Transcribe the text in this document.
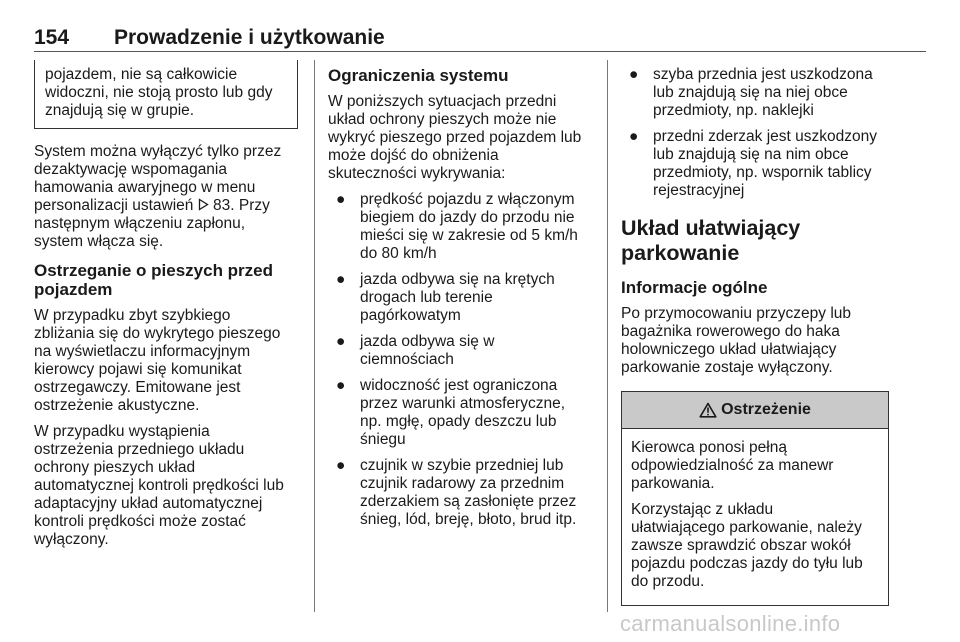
154 Prowadzenie i użytkowanie
pojazdem, nie są całkowicie
widoczni, nie stoją prosto lub gdy
znajdują się w grupie.

System można wyłączyć tylko przez
dezaktywację wspomagania
hamowania awaryjnego w menu
personalizacji ustawień  83. Przy
następnym włączeniu zapłonu,
system włącza się.

Ostrzeganie o pieszych przed
pojazdem

W przypadku zbyt szybkiego
zbliżania się do wykrytego pieszego
na wyświetlaczu informacyjnym
kierowcy pojawi się komunikat
ostrzegawczy. Emitowane jest
ostrzeżenie akustyczne.

W przypadku wystąpienia
ostrzeżenia przedniego układu
ochrony pieszych układ
automatycznej kontroli prędkości lub
adaptacyjny układ automatycznej
kontroli prędkości może zostać
wyłączony.

Ograniczenia systemu

W poniższych sytuacjach przedni
układ ochrony pieszych może nie
wykryć pieszego przed pojazdem lub
może dojść do obniżenia
skuteczności wykrywania:

● prędkość pojazdu z włączonym
biegiem do jazdy do przodu nie
mieści się w zakresie od 5 km/h
do 80 km/h
● jazda odbywa się na krętych
drogach lub terenie
pagórkowatym
● jazda odbywa się w
ciemnościach
● widoczność jest ograniczona
przez warunki atmosferyczne,
np. mgłę, opady deszczu lub
śniegu
● czujnik w szybie przedniej lub
czujnik radarowy za przednim
zderzakiem są zasłonięte przez
śnieg, lód, breję, błoto, brud itp.
● szyba przednia jest uszkodzona
lub znajdują się na niej obce
przedmioty, np. naklejki
● przedni zderzak jest uszkodzony
lub znajdują się na nim obce
przedmioty, np. wspornik tablicy
rejestracyjnej
Układ ułatwiający
parkowanie
Informacje ogólne

Po przymocowaniu przyczepy lub
bagażnika rowerowego do haka
holowniczego układ ułatwiający
parkowanie zostaje wyłączony.

Ostrzeżenie

Kierowca ponosi pełną
odpowiedzialność za manewr
parkowania.

Korzystając z układu
ułatwiającego parkowanie, należy
zawsze sprawdzić obszar wokół
pojazdu podczas jazdy do tyłu lub
do przodu.

carmanualsonline.info
